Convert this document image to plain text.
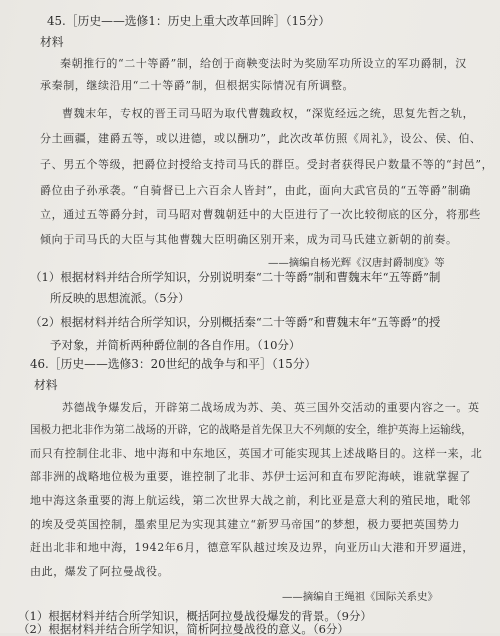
45.［历史——选修1：历史上重大改革回眸］（15分）
材料
秦朝推行的“二十等爵”制，给创于商鞅变法时为奖励军功所设立的军功爵制，汉
承秦制，继续沿用“二十等爵”制，但根据实际情况有所调整。
曹魏末年，专权的晋王司马昭为取代曹魏政权，“深览经远之统，思复先哲之轨，
分土画疆，建爵五等，或以进德，或以酬功”，此次改革仿照《周礼》，设公、侯、伯、
子、男五个等级，把爵位封授给支持司马氏的群臣。受封者获得民户数量不等的“封邑”，
爵位由子孙承袭。“自骑督已上六百余人皆封”，由此，面向大武官员的“五等爵”制确
立，通过五等爵分封，司马昭对曹魏朝廷中的大臣进行了一次比较彻底的区分，将那些
倾向于司马氏的大臣与其他曹魏大臣明确区别开来，成为司马氏建立新朝的前奏。
——摘编自杨光辉《汉唐封爵制度》等
（1）根据材料并结合所学知识，分别说明秦“二十等爵”制和曹魏末年“五等爵”制
所反映的思想流派。（5分）
（2）根据材料并结合所学知识，分别概括秦“二十等爵”和曹魏末年“五等爵”的授
予对象，并简析两种爵位制的各自作用。（10分）
46.［历史——选修3：20世纪的战争与和平］（15分）
材料
苏德战争爆发后，开辟第二战场成为苏、美、英三国外交活动的重要内容之一。英
国极力把北非作为第二战场的开辟，它的战略是首先保卫大不列颠的安全，维护英海上运输线，
而只有控制住北非、地中海和中东地区，英国才可能实现其上述战略目的。这样一来，北
部非洲的战略地位极为重要，谁控制了北非、苏伊士运河和直布罗陀海峡，谁就掌握了
地中海这条重要的海上航运线，第二次世界大战之前，利比亚是意大利的殖民地，毗邻
的埃及受英国控制，墨索里尼为实现其建立“新罗马帝国”的梦想，极力要把英国势力
赶出北非和地中海，1942年6月，德意军队越过埃及边界，向亚历山大港和开罗逼进，
由此，爆发了阿拉曼战役。
——摘编自王绳祖《国际关系史》
（1）根据材料并结合所学知识，概括阿拉曼战役爆发的背景。（9分）
（2）根据材料并结合所学知识，简析阿拉曼战役的意义。（6分）
